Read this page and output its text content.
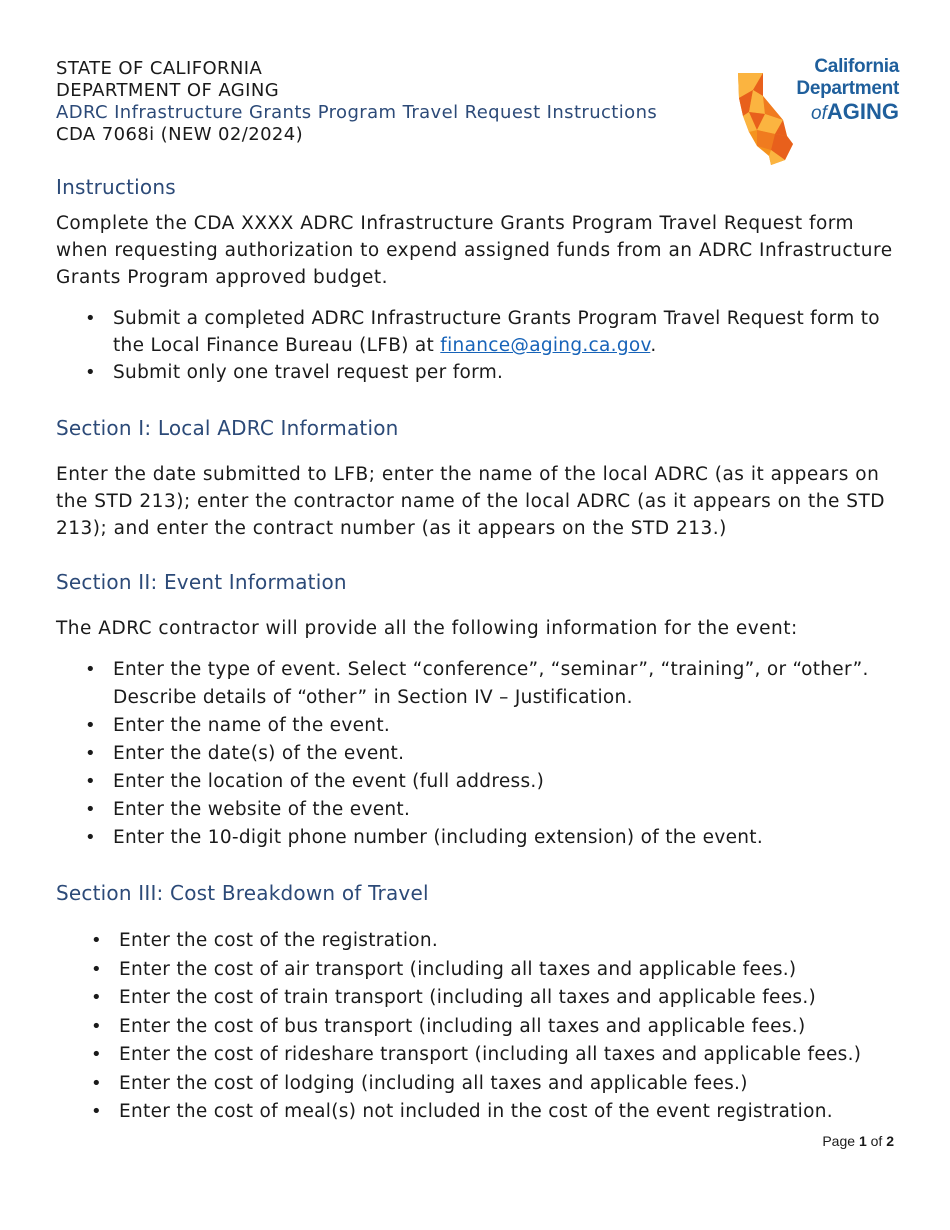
STATE OF CALIFORNIA
DEPARTMENT OF AGING
ADRC Infrastructure Grants Program Travel Request Instructions
CDA 7068i (NEW 02/2024)
California
Department
ofAGING
Instructions
Complete the CDA XXXX ADRC Infrastructure Grants Program Travel Request form when requesting authorization to expend assigned funds from an ADRC Infrastructure Grants Program approved budget.
• Submit a completed ADRC Infrastructure Grants Program Travel Request form to the Local Finance Bureau (LFB) at finance@aging.ca.gov.
• Submit only one travel request per form.
Section I: Local ADRC Information
Enter the date submitted to LFB; enter the name of the local ADRC (as it appears on the STD 213); enter the contractor name of the local ADRC (as it appears on the STD 213); and enter the contract number (as it appears on the STD 213.)
Section II: Event Information
The ADRC contractor will provide all the following information for the event:
• Enter the type of event. Select “conference”, “seminar”, “training”, or “other”. Describe details of “other” in Section IV – Justification.
• Enter the name of the event.
• Enter the date(s) of the event.
• Enter the location of the event (full address.)
• Enter the website of the event.
• Enter the 10-digit phone number (including extension) of the event.
Section III: Cost Breakdown of Travel
• Enter the cost of the registration.
• Enter the cost of air transport (including all taxes and applicable fees.)
• Enter the cost of train transport (including all taxes and applicable fees.)
• Enter the cost of bus transport (including all taxes and applicable fees.)
• Enter the cost of rideshare transport (including all taxes and applicable fees.)
• Enter the cost of lodging (including all taxes and applicable fees.)
• Enter the cost of meal(s) not included in the cost of the event registration.
Page 1 of 2
